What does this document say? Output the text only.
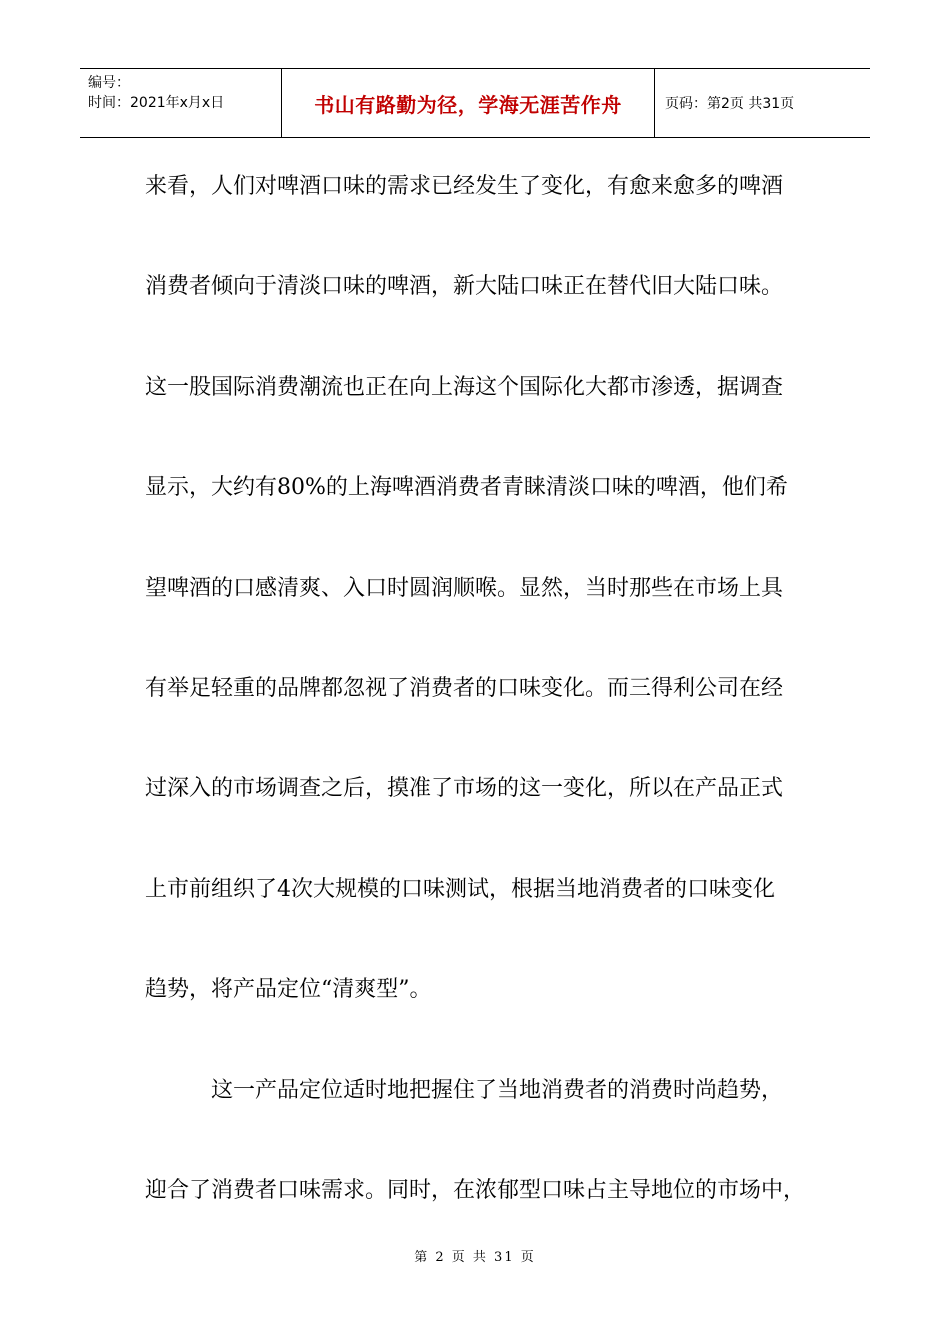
编号：
时间：2021年x月x日	书山有路勤为径，学海无涯苦作舟	页码：第2页 共31页
来看，人们对啤酒口味的需求已经发生了变化，有愈来愈多的啤酒
消费者倾向于清淡口味的啤酒，新大陆口味正在替代旧大陆口味。
这一股国际消费潮流也正在向上海这个国际化大都市渗透，据调查
显示，大约有80%的上海啤酒消费者青睐清淡口味的啤酒，他们希
望啤酒的口感清爽、入口时圆润顺喉。显然，当时那些在市场上具
有举足轻重的品牌都忽视了消费者的口味变化。而三得利公司在经
过深入的市场调查之后，摸准了市场的这一变化，所以在产品正式
上市前组织了4次大规模的口味测试，根据当地消费者的口味变化
趋势，将产品定位“清爽型”。
这一产品定位适时地把握住了当地消费者的消费时尚趋势，
迎合了消费者口味需求。同时，在浓郁型口味占主导地位的市场中，
第 2 页 共 31 页
